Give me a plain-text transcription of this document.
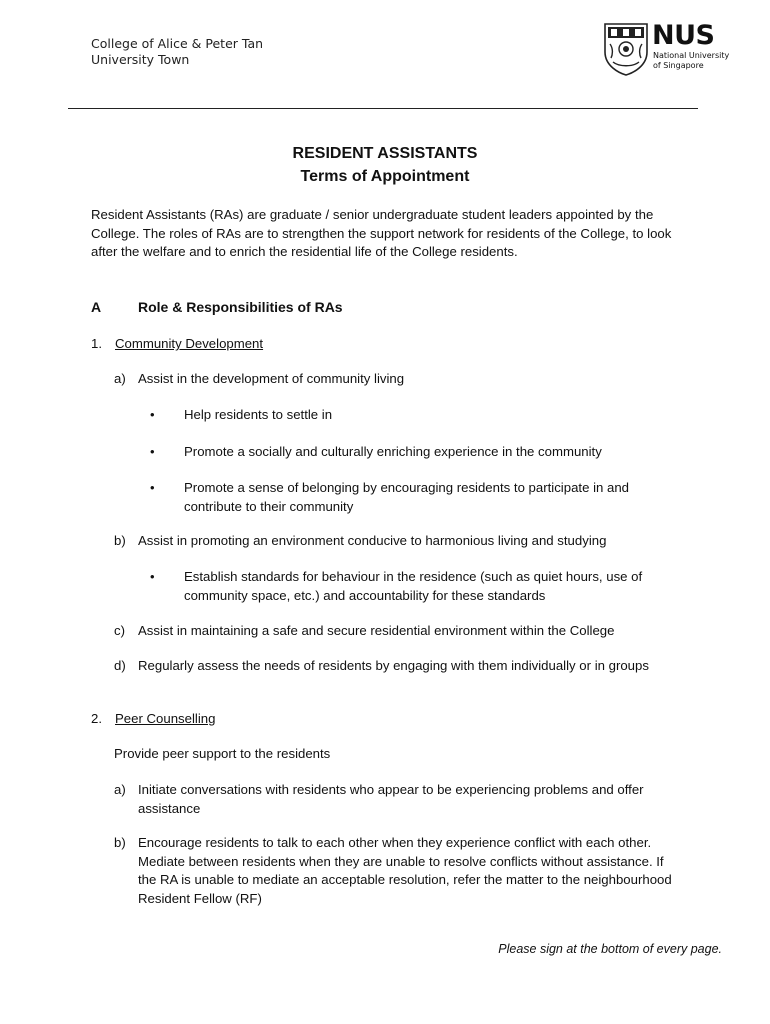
College of Alice & Peter Tan
University Town
NUS
National University
of Singapore
RESIDENT ASSISTANTS
Terms of Appointment
Resident Assistants (RAs) are graduate / senior undergraduate student leaders appointed by the
College. The roles of RAs are to strengthen the support network for residents of the College, to look
after the welfare and to enrich the residential life of the College residents.
A	Role & Responsibilities of RAs
1. Community Development
a) Assist in the development of community living
• Help residents to settle in
• Promote a socially and culturally enriching experience in the community
• Promote a sense of belonging by encouraging residents to participate in and
contribute to their community
b) Assist in promoting an environment conducive to harmonious living and studying
• Establish standards for behaviour in the residence (such as quiet hours, use of
community space, etc.) and accountability for these standards
c) Assist in maintaining a safe and secure residential environment within the College
d) Regularly assess the needs of residents by engaging with them individually or in groups
2. Peer Counselling
Provide peer support to the residents
a) Initiate conversations with residents who appear to be experiencing problems and offer
assistance
b) Encourage residents to talk to each other when they experience conflict with each other.
Mediate between residents when they are unable to resolve conflicts without assistance. If
the RA is unable to mediate an acceptable resolution, refer the matter to the neighbourhood
Resident Fellow (RF)
Please sign at the bottom of every page.
